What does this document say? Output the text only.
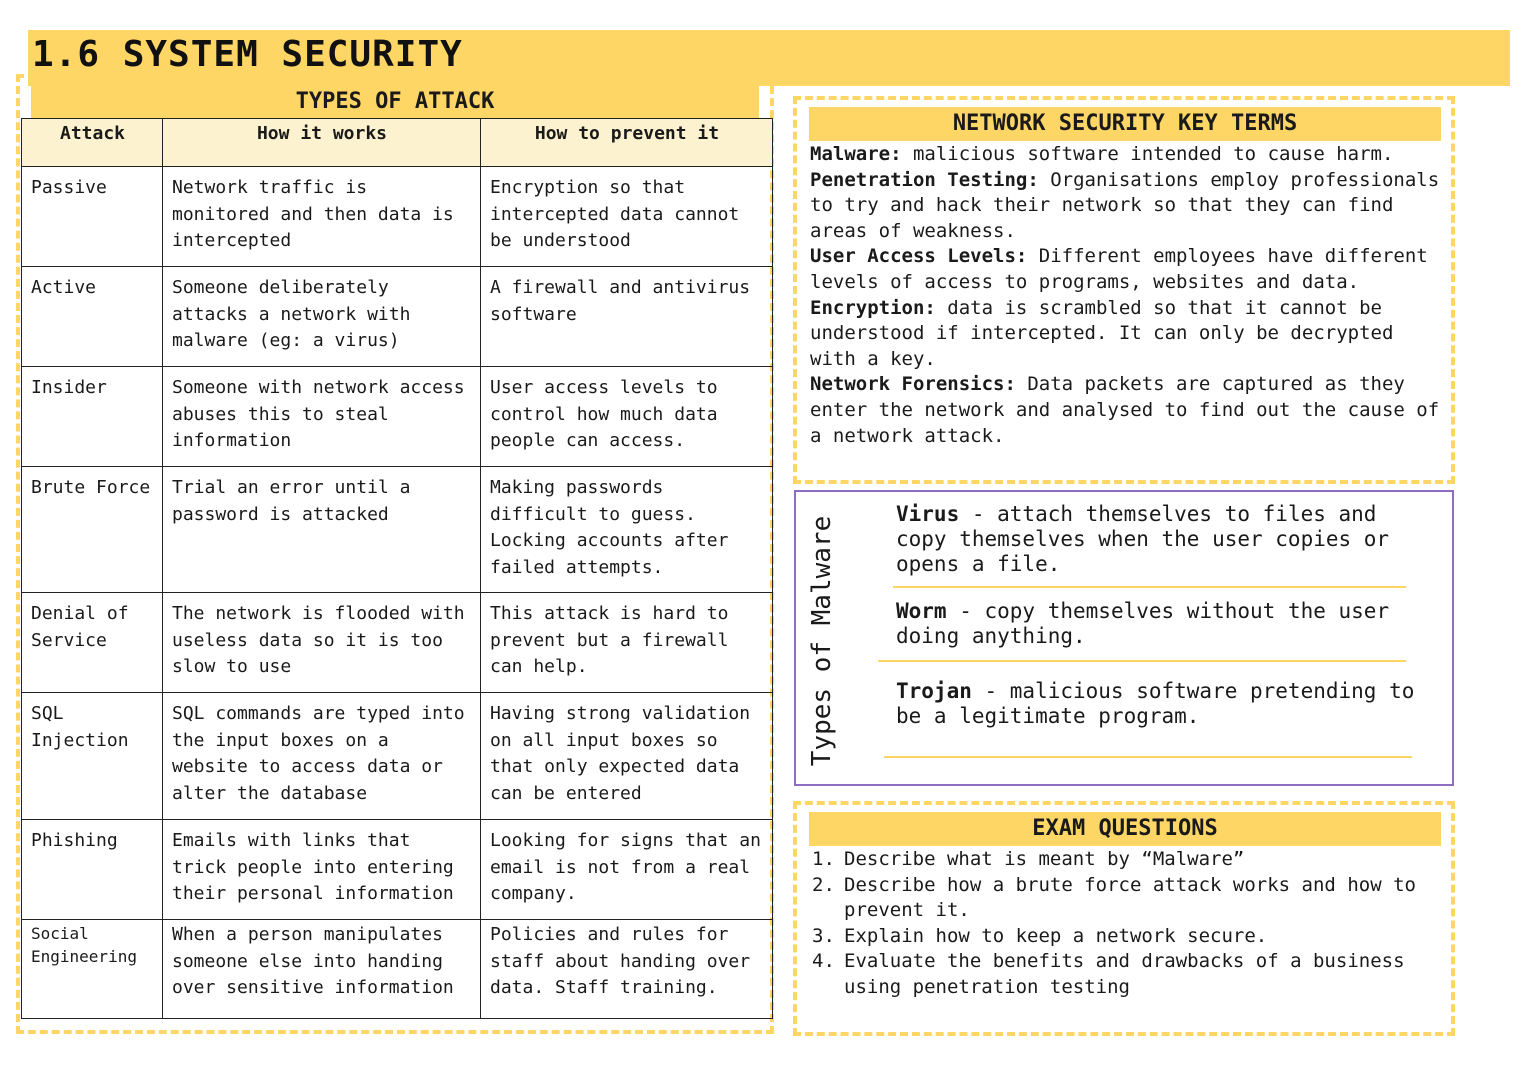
1.6 SYSTEM SECURITY
TYPES OF ATTACK
Attack	How it works	How to prevent it
Passive	Network traffic is monitored and then data is intercepted	Encryption so that intercepted data cannot be understood
Active	Someone deliberately attacks a network with malware (eg: a virus)	A firewall and antivirus software
Insider	Someone with network access abuses this to steal information	User access levels to control how much data people can access.
Brute Force	Trial an error until a password is attacked	Making passwords difficult to guess. Locking accounts after failed attempts.
Denial of Service	The network is flooded with useless data so it is too slow to use	This attack is hard to prevent but a firewall can help.
SQL Injection	SQL commands are typed into the input boxes on a website to access data or alter the database	Having strong validation on all input boxes so that only expected data can be entered
Phishing	Emails with links that trick people into entering their personal information	Looking for signs that an email is not from a real company.
Social Engineering	When a person manipulates someone else into handing over sensitive information	Policies and rules for staff about handing over data. Staff training.
NETWORK SECURITY KEY TERMS
Malware: malicious software intended to cause harm.
Penetration Testing: Organisations employ professionals to try and hack their network so that they can find areas of weakness.
User Access Levels: Different employees have different levels of access to programs, websites and data.
Encryption: data is scrambled so that it cannot be understood if intercepted. It can only be decrypted with a key.
Network Forensics: Data packets are captured as they enter the network and analysed to find out the cause of a network attack.
Types of Malware
Virus - attach themselves to files and copy themselves when the user copies or opens a file.
Worm - copy themselves without the user doing anything.
Trojan - malicious software pretending to be a legitimate program.
EXAM QUESTIONS
1. Describe what is meant by “Malware”
2. Describe how a brute force attack works and how to prevent it.
3. Explain how to keep a network secure.
4. Evaluate the benefits and drawbacks of a business using penetration testing
